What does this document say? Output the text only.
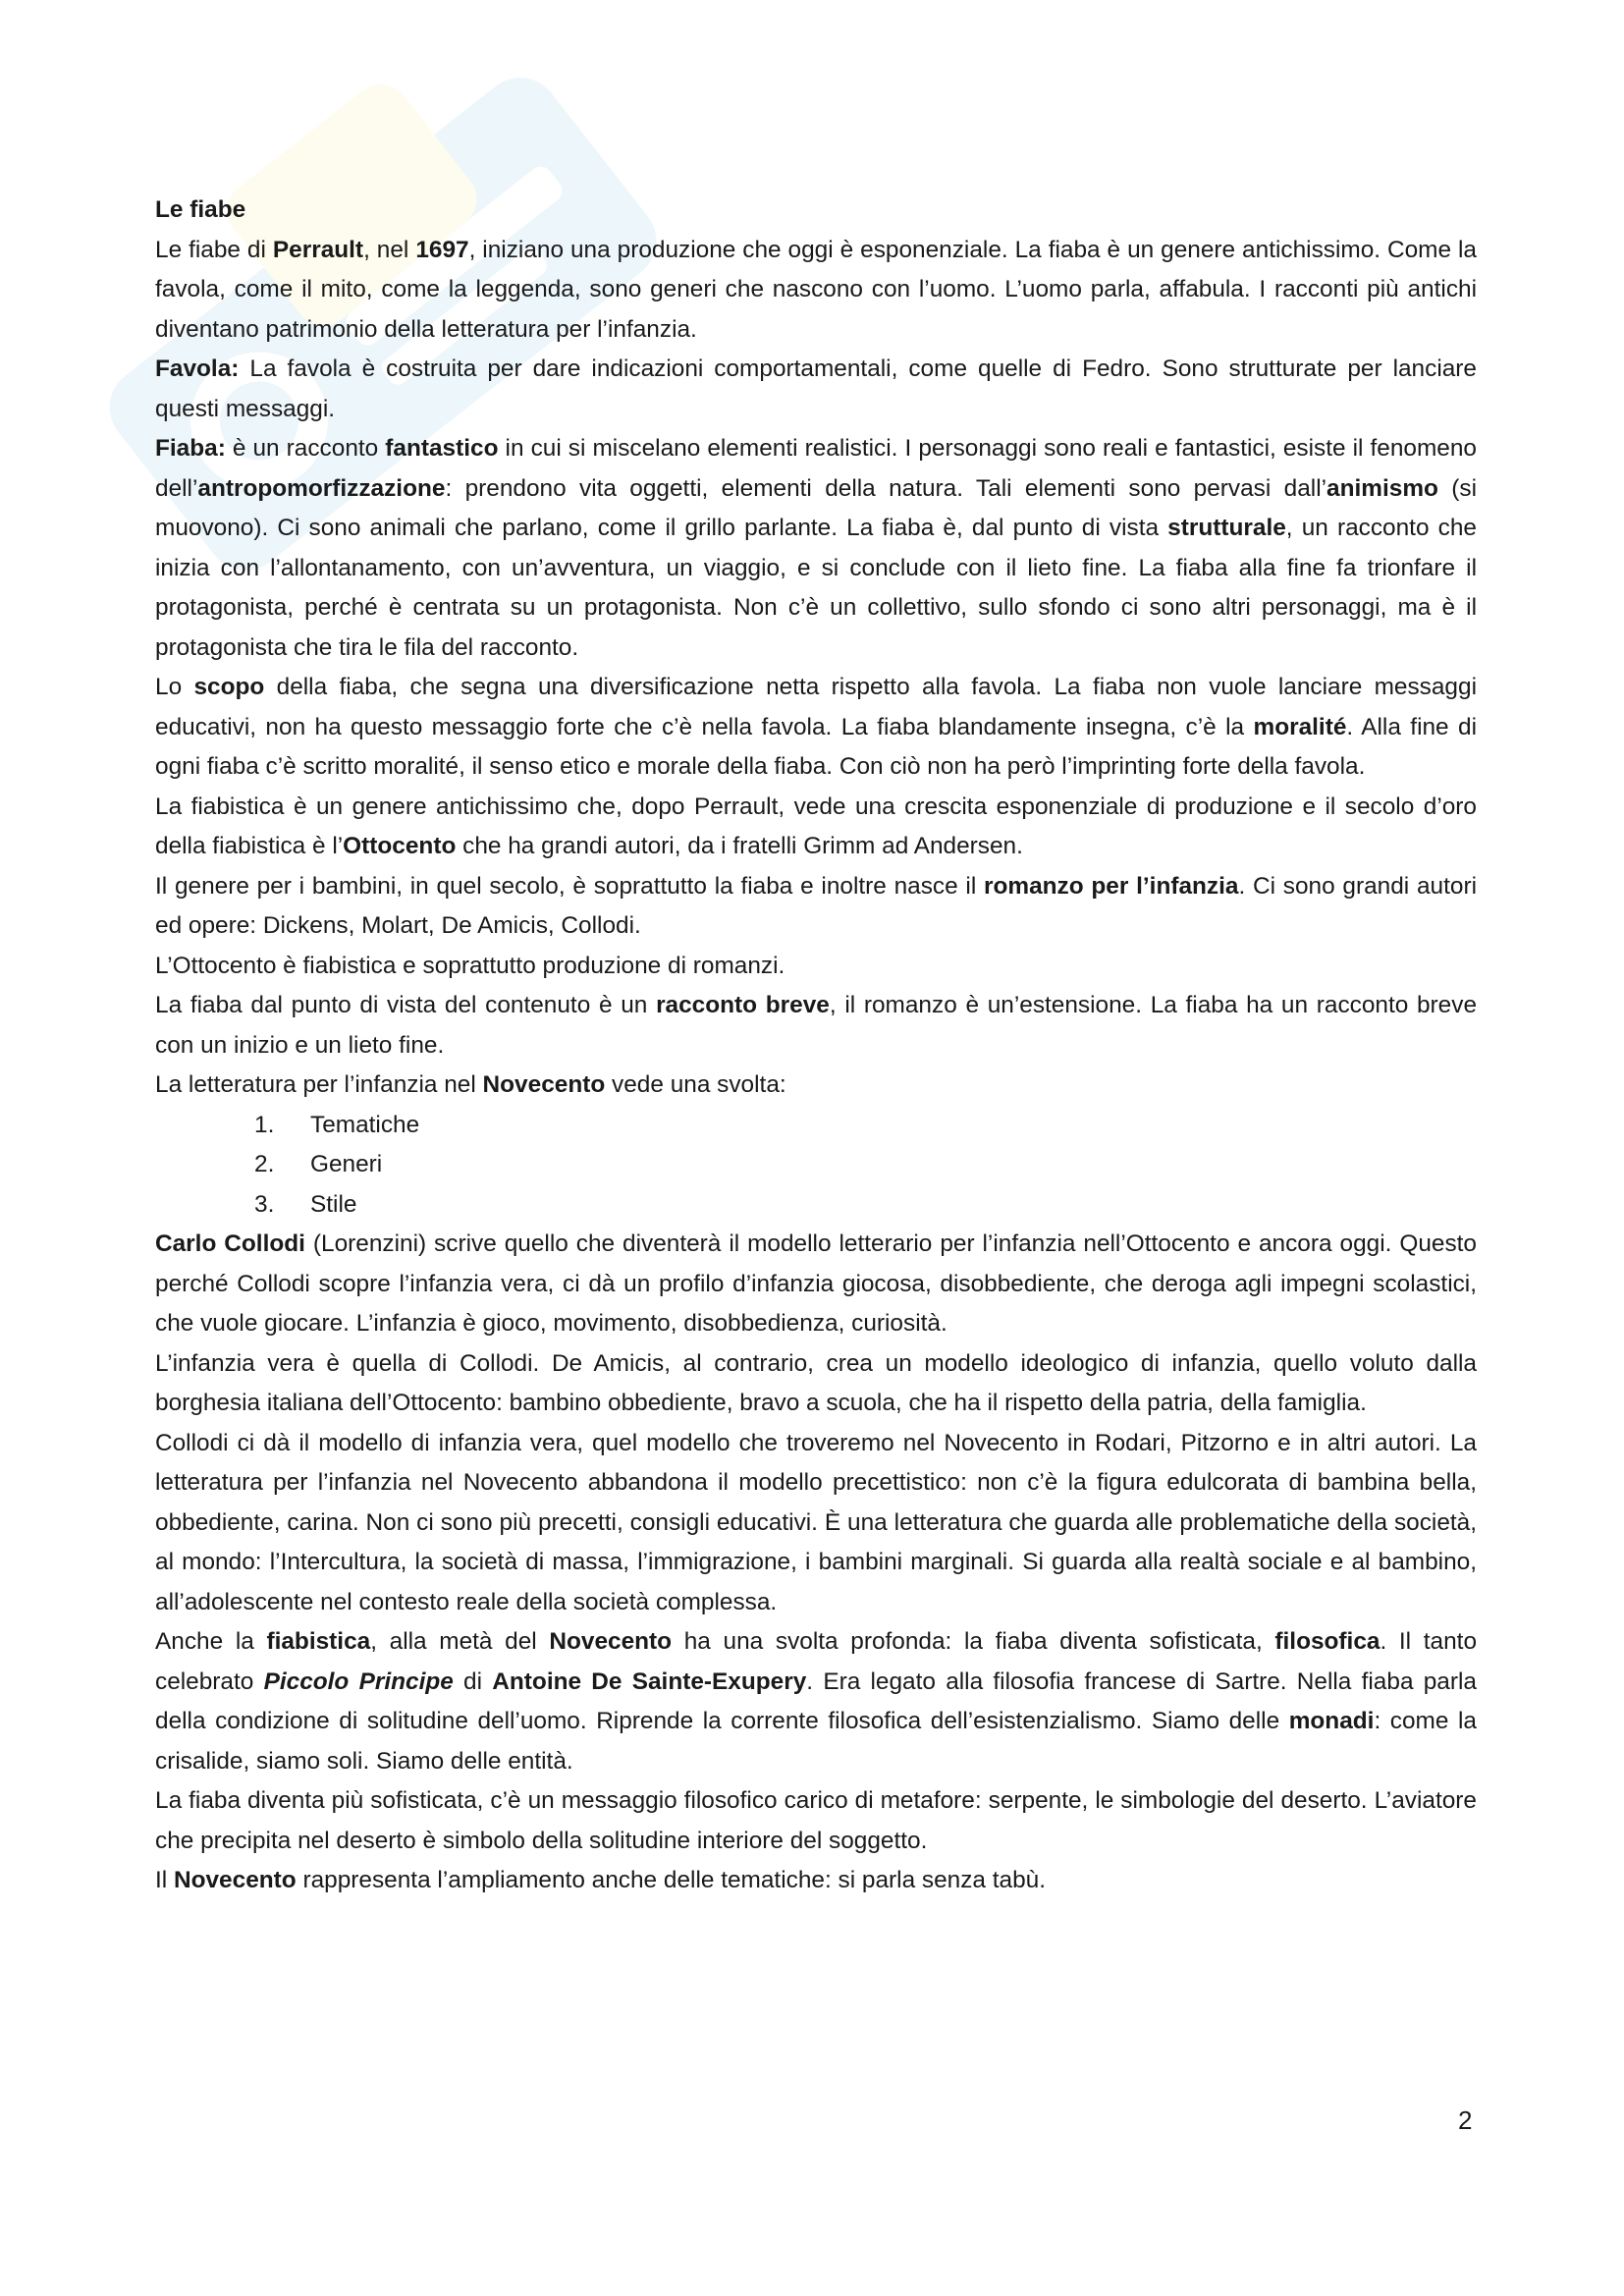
Le fiabe

Le fiabe di Perrault, nel 1697, iniziano una produzione che oggi è esponenziale. La fiaba è un genere antichissimo. Come la favola, come il mito, come la leggenda, sono generi che nascono con l’uomo. L’uomo parla, affabula. I racconti più antichi diventano patrimonio della letteratura per l’infanzia.

Favola: La favola è costruita per dare indicazioni comportamentali, come quelle di Fedro. Sono strutturate per lanciare questi messaggi.

Fiaba: è un racconto fantastico in cui si miscelano elementi realistici. I personaggi sono reali e fantastici, esiste il fenomeno dell’antropomorfizzazione: prendono vita oggetti, elementi della natura. Tali elementi sono pervasi dall’animismo (si muovono). Ci sono animali che parlano, come il grillo parlante. La fiaba è, dal punto di vista strutturale, un racconto che inizia con l’allontanamento, con un’avventura, un viaggio, e si conclude con il lieto fine. La fiaba alla fine fa trionfare il protagonista, perché è centrata su un protagonista. Non c’è un collettivo, sullo sfondo ci sono altri personaggi, ma è il protagonista che tira le fila del racconto.

Lo scopo della fiaba, che segna una diversificazione netta rispetto alla favola. La fiaba non vuole lanciare messaggi educativi, non ha questo messaggio forte che c’è nella favola. La fiaba blandamente insegna, c’è la moralité. Alla fine di ogni fiaba c’è scritto moralité, il senso etico e morale della fiaba. Con ciò non ha però l’imprinting forte della favola.

La fiabistica è un genere antichissimo che, dopo Perrault, vede una crescita esponenziale di produzione e il secolo d’oro della fiabistica è l’Ottocento che ha grandi autori, da i fratelli Grimm ad Andersen.

Il genere per i bambini, in quel secolo, è soprattutto la fiaba e inoltre nasce il romanzo per l’infanzia. Ci sono grandi autori ed opere: Dickens, Molart, De Amicis, Collodi.

L’Ottocento è fiabistica e soprattutto produzione di romanzi.

La fiaba dal punto di vista del contenuto è un racconto breve, il romanzo è un’estensione. La fiaba ha un racconto breve con un inizio e un lieto fine.

La letteratura per l’infanzia nel Novecento vede una svolta:

1.	Tematiche
2.	Generi
3.	Stile

Carlo Collodi (Lorenzini) scrive quello che diventerà il modello letterario per l’infanzia nell’Ottocento e ancora oggi. Questo perché Collodi scopre l’infanzia vera, ci dà un profilo d’infanzia giocosa, disobbediente, che deroga agli impegni scolastici, che vuole giocare. L’infanzia è gioco, movimento, disobbedienza, curiosità.

L’infanzia vera è quella di Collodi. De Amicis, al contrario, crea un modello ideologico di infanzia, quello voluto dalla borghesia italiana dell’Ottocento: bambino obbediente, bravo a scuola, che ha il rispetto della patria, della famiglia.

Collodi ci dà il modello di infanzia vera, quel modello che troveremo nel Novecento in Rodari, Pitzorno e in altri autori. La letteratura per l’infanzia nel Novecento abbandona il modello precettistico: non c’è la figura edulcorata di bambina bella, obbediente, carina. Non ci sono più precetti, consigli educativi. È una letteratura che guarda alle problematiche della società, al mondo: l’Intercultura, la società di massa, l’immigrazione, i bambini marginali. Si guarda alla realtà sociale e al bambino, all’adolescente nel contesto reale della società complessa.

Anche la fiabistica, alla metà del Novecento ha una svolta profonda: la fiaba diventa sofisticata, filosofica. Il tanto celebrato Piccolo Principe di Antoine De Sainte-Exupery. Era legato alla filosofia francese di Sartre. Nella fiaba parla della condizione di solitudine dell’uomo. Riprende la corrente filosofica dell’esistenzialismo. Siamo delle monadi: come la crisalide, siamo soli. Siamo delle entità.

La fiaba diventa più sofisticata, c’è un messaggio filosofico carico di metafore: serpente, le simbologie del deserto. L’aviatore che precipita nel deserto è simbolo della solitudine interiore del soggetto.

Il Novecento rappresenta l’ampliamento anche delle tematiche: si parla senza tabù.

2
